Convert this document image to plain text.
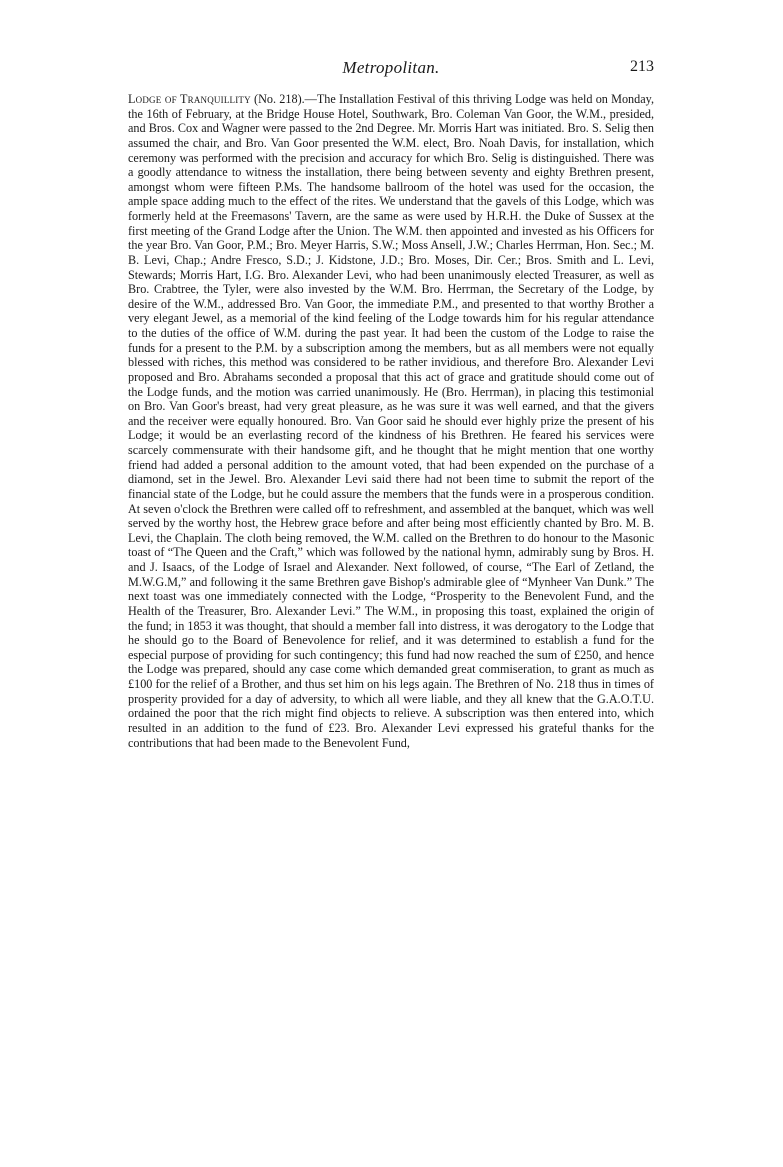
Metropolitan.	213

Lodge of Tranquillity (No. 218).—The Installation Festival of this thriving Lodge was held on Monday, the 16th of February, at the Bridge House Hotel, Southwark, Bro. Coleman Van Goor, the W.M., presided, and Bros. Cox and Wagner were passed to the 2nd Degree. Mr. Morris Hart was initiated. Bro. S. Selig then assumed the chair, and Bro. Van Goor presented the W.M. elect, Bro. Noah Davis, for installation, which ceremony was performed with the precision and accuracy for which Bro. Selig is distinguished. There was a goodly attendance to witness the installation, there being between seventy and eighty Brethren present, amongst whom were fifteen P.Ms. The handsome ballroom of the hotel was used for the occasion, the ample space adding much to the effect of the rites. We understand that the gavels of this Lodge, which was formerly held at the Freemasons' Tavern, are the same as were used by H.R.H. the Duke of Sussex at the first meeting of the Grand Lodge after the Union. The W.M. then appointed and invested as his Officers for the year Bro. Van Goor, P.M.; Bro. Meyer Harris, S.W.; Moss Ansell, J.W.; Charles Herrman, Hon. Sec.; M. B. Levi, Chap.; Andre Fresco, S.D.; J. Kidstone, J.D.; Bro. Moses, Dir. Cer.; Bros. Smith and L. Levi, Stewards; Morris Hart, I.G. Bro. Alexander Levi, who had been unanimously elected Treasurer, as well as Bro. Crabtree, the Tyler, were also invested by the W.M. Bro. Herrman, the Secretary of the Lodge, by desire of the W.M., addressed Bro. Van Goor, the immediate P.M., and presented to that worthy Brother a very elegant Jewel, as a memorial of the kind feeling of the Lodge towards him for his regular attendance to the duties of the office of W.M. during the past year. It had been the custom of the Lodge to raise the funds for a present to the P.M. by a subscription among the members, but as all members were not equally blessed with riches, this method was considered to be rather invidious, and therefore Bro. Alexander Levi proposed and Bro. Abrahams seconded a proposal that this act of grace and gratitude should come out of the Lodge funds, and the motion was carried unanimously. He (Bro. Herrman), in placing this testimonial on Bro. Van Goor's breast, had very great pleasure, as he was sure it was well earned, and that the givers and the receiver were equally honoured. Bro. Van Goor said he should ever highly prize the present of his Lodge; it would be an everlasting record of the kindness of his Brethren. He feared his services were scarcely commensurate with their handsome gift, and he thought that he might mention that one worthy friend had added a personal addition to the amount voted, that had been expended on the purchase of a diamond, set in the Jewel. Bro. Alexander Levi said there had not been time to submit the report of the financial state of the Lodge, but he could assure the members that the funds were in a prosperous condition. At seven o'clock the Brethren were called off to refreshment, and assembled at the banquet, which was well served by the worthy host, the Hebrew grace before and after being most efficiently chanted by Bro. M. B. Levi, the Chaplain. The cloth being removed, the W.M. called on the Brethren to do honour to the Masonic toast of “The Queen and the Craft,” which was followed by the national hymn, admirably sung by Bros. H. and J. Isaacs, of the Lodge of Israel and Alexander. Next followed, of course, “The Earl of Zetland, the M.W.G.M,” and following it the same Brethren gave Bishop's admirable glee of “Mynheer Van Dunk.” The next toast was one immediately connected with the Lodge, “Prosperity to the Benevolent Fund, and the Health of the Treasurer, Bro. Alexander Levi.” The W.M., in proposing this toast, explained the origin of the fund; in 1853 it was thought, that should a member fall into distress, it was derogatory to the Lodge that he should go to the Board of Benevolence for relief, and it was determined to establish a fund for the especial purpose of providing for such contingency; this fund had now reached the sum of £250, and hence the Lodge was prepared, should any case come which demanded great commiseration, to grant as much as £100 for the relief of a Brother, and thus set him on his legs again. The Brethren of No. 218 thus in times of prosperity provided for a day of adversity, to which all were liable, and they all knew that the G.A.O.T.U. ordained the poor that the rich might find objects to relieve. A subscription was then entered into, which resulted in an addition to the fund of £23. Bro. Alexander Levi expressed his grateful thanks for the contributions that had been made to the Benevolent Fund,
